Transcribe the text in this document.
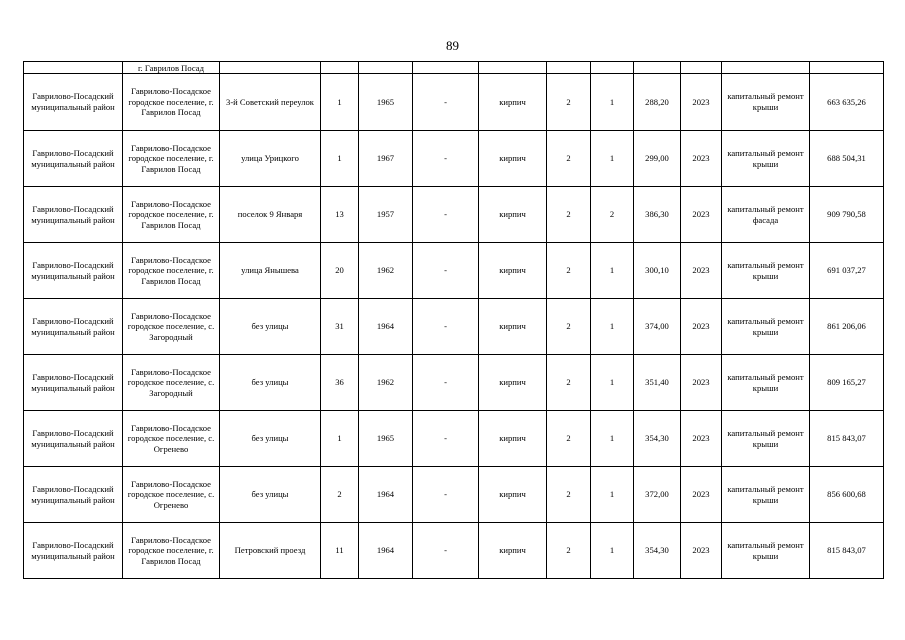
89
	г. Гаврилов Посад											
Гаврилово-Посадский муниципальный район	Гаврилово-Посадское городское поселение, г. Гаврилов Посад	3-й Советский переулок	1	1965	-	кирпич	2	1	288,20	2023	капитальный ремонт крыши	663 635,26
Гаврилово-Посадский муниципальный район	Гаврилово-Посадское городское поселение, г. Гаврилов Посад	улица Урицкого	1	1967	-	кирпич	2	1	299,00	2023	капитальный ремонт крыши	688 504,31
Гаврилово-Посадский муниципальный район	Гаврилово-Посадское городское поселение, г. Гаврилов Посад	поселок 9 Января	13	1957	-	кирпич	2	2	386,30	2023	капитальный ремонт фасада	909 790,58
Гаврилово-Посадский муниципальный район	Гаврилово-Посадское городское поселение, г. Гаврилов Посад	улица Янышева	20	1962	-	кирпич	2	1	300,10	2023	капитальный ремонт крыши	691 037,27
Гаврилово-Посадский муниципальный район	Гаврилово-Посадское городское поселение, с. Загородный	без улицы	31	1964	-	кирпич	2	1	374,00	2023	капитальный ремонт крыши	861 206,06
Гаврилово-Посадский муниципальный район	Гаврилово-Посадское городское поселение, с. Загородный	без улицы	36	1962	-	кирпич	2	1	351,40	2023	капитальный ремонт крыши	809 165,27
Гаврилово-Посадский муниципальный район	Гаврилово-Посадское городское поселение, с. Огренево	без улицы	1	1965	-	кирпич	2	1	354,30	2023	капитальный ремонт крыши	815 843,07
Гаврилово-Посадский муниципальный район	Гаврилово-Посадское городское поселение, с. Огренево	без улицы	2	1964	-	кирпич	2	1	372,00	2023	капитальный ремонт крыши	856 600,68
Гаврилово-Посадский муниципальный район	Гаврилово-Посадское городское поселение, г. Гаврилов Посад	Петровский проезд	11	1964	-	кирпич	2	1	354,30	2023	капитальный ремонт крыши	815 843,07
